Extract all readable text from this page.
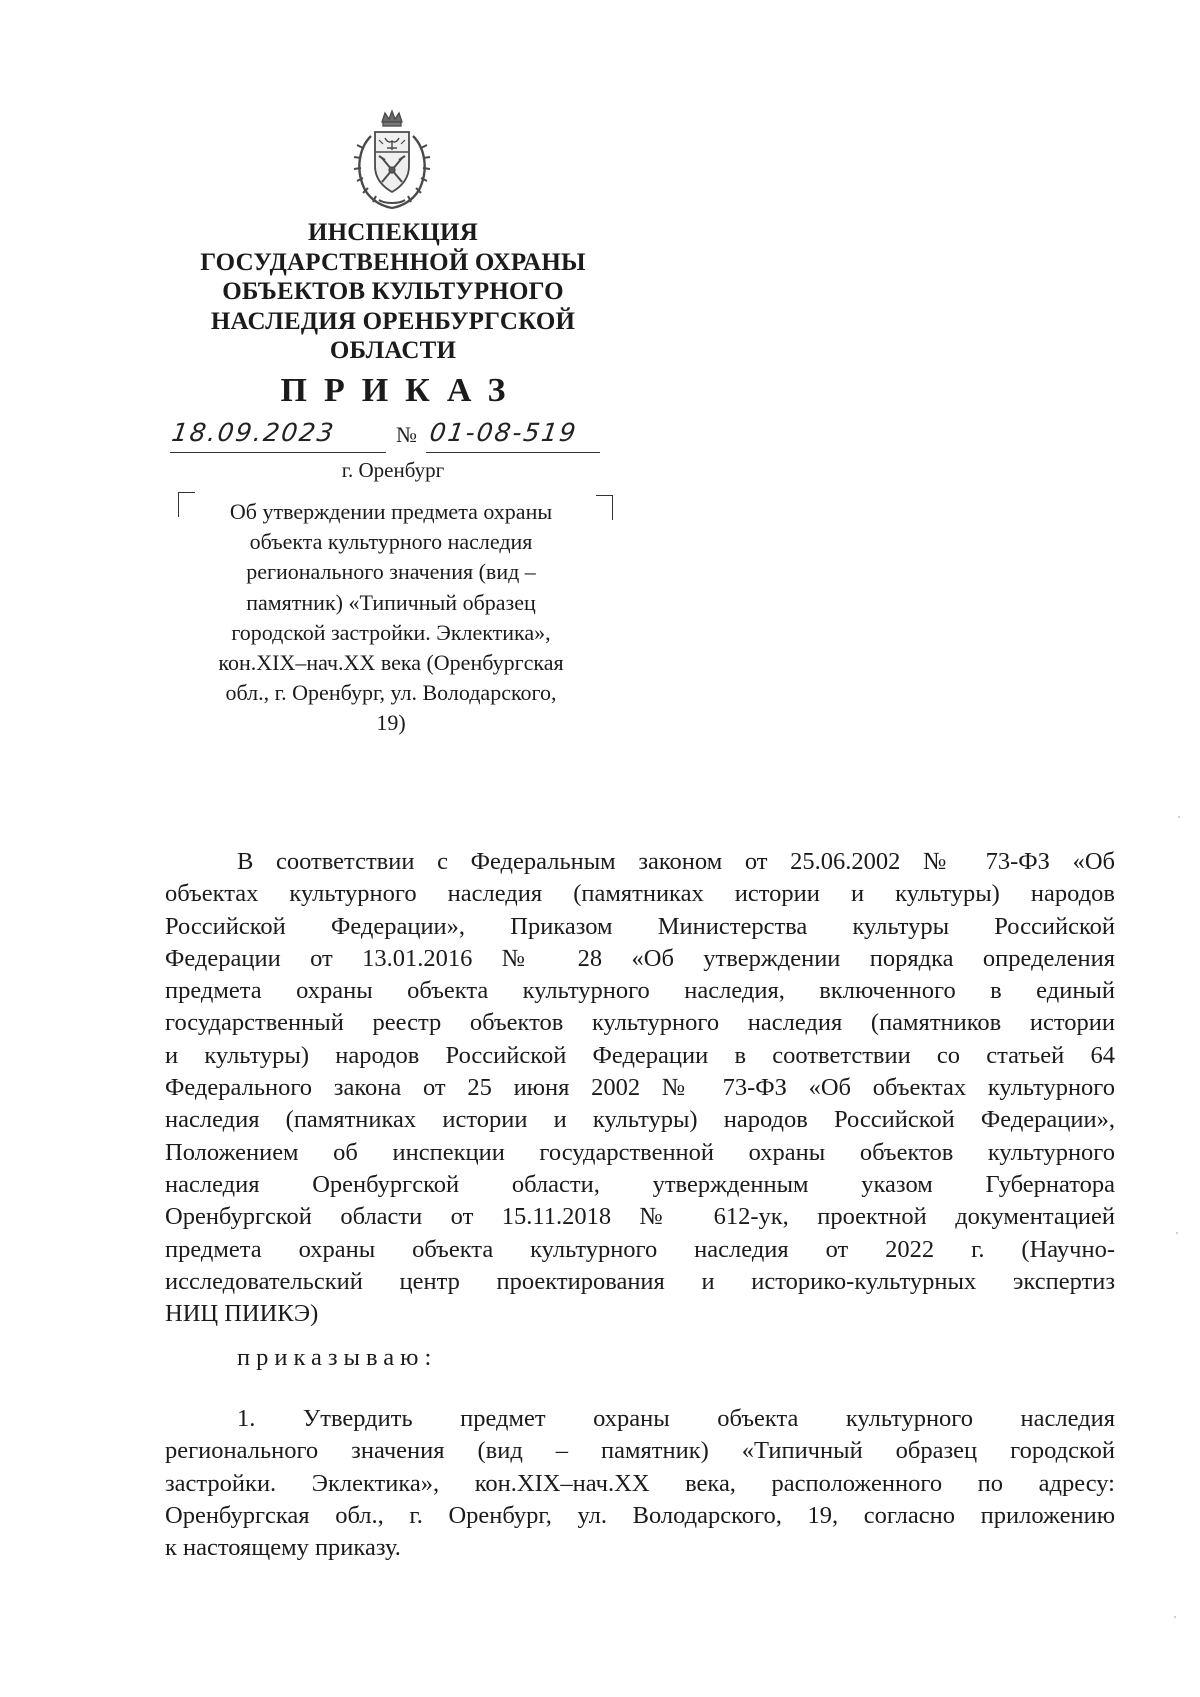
ИНСПЕКЦИЯ
ГОСУДАРСТВЕННОЙ ОХРАНЫ
ОБЪЕКТОВ КУЛЬТУРНОГО
НАСЛЕДИЯ ОРЕНБУРГСКОЙ
ОБЛАСТИ
ПРИКАЗ
18.09.2023	№ 01-08-519
г. Оренбург
Об утверждении предмета охраны
объекта культурного наследия
регионального значения (вид –
памятник) «Типичный образец
городской застройки. Эклектика»,
кон.XIX–нач.XX века (Оренбургская
обл., г. Оренбург, ул. Володарского,
19)
В соответствии с Федеральным законом от 25.06.2002 № 73-ФЗ «Об
объектах культурного наследия (памятниках истории и культуры) народов
Российской Федерации», Приказом Министерства культуры Российской
Федерации от 13.01.2016 № 28 «Об утверждении порядка определения
предмета охраны объекта культурного наследия, включенного в единый
государственный реестр объектов культурного наследия (памятников истории
и культуры) народов Российской Федерации в соответствии со статьей 64
Федерального закона от 25 июня 2002 № 73-ФЗ «Об объектах культурного
наследия (памятниках истории и культуры) народов Российской Федерации»,
Положением об инспекции государственной охраны объектов культурного
наследия Оренбургской области, утвержденным указом Губернатора
Оренбургской области от 15.11.2018 № 612-ук, проектной документацией
предмета охраны объекта культурного наследия от 2022 г. (Научно-
исследовательский центр проектирования и историко-культурных экспертиз
НИЦ ПИИКЭ)
приказываю:
1. Утвердить предмет охраны объекта культурного наследия
регионального значения (вид – памятник) «Типичный образец городской
застройки. Эклектика», кон.XIX–нач.XX века, расположенного по адресу:
Оренбургская обл., г. Оренбург, ул. Володарского, 19, согласно приложению
к настоящему приказу.
